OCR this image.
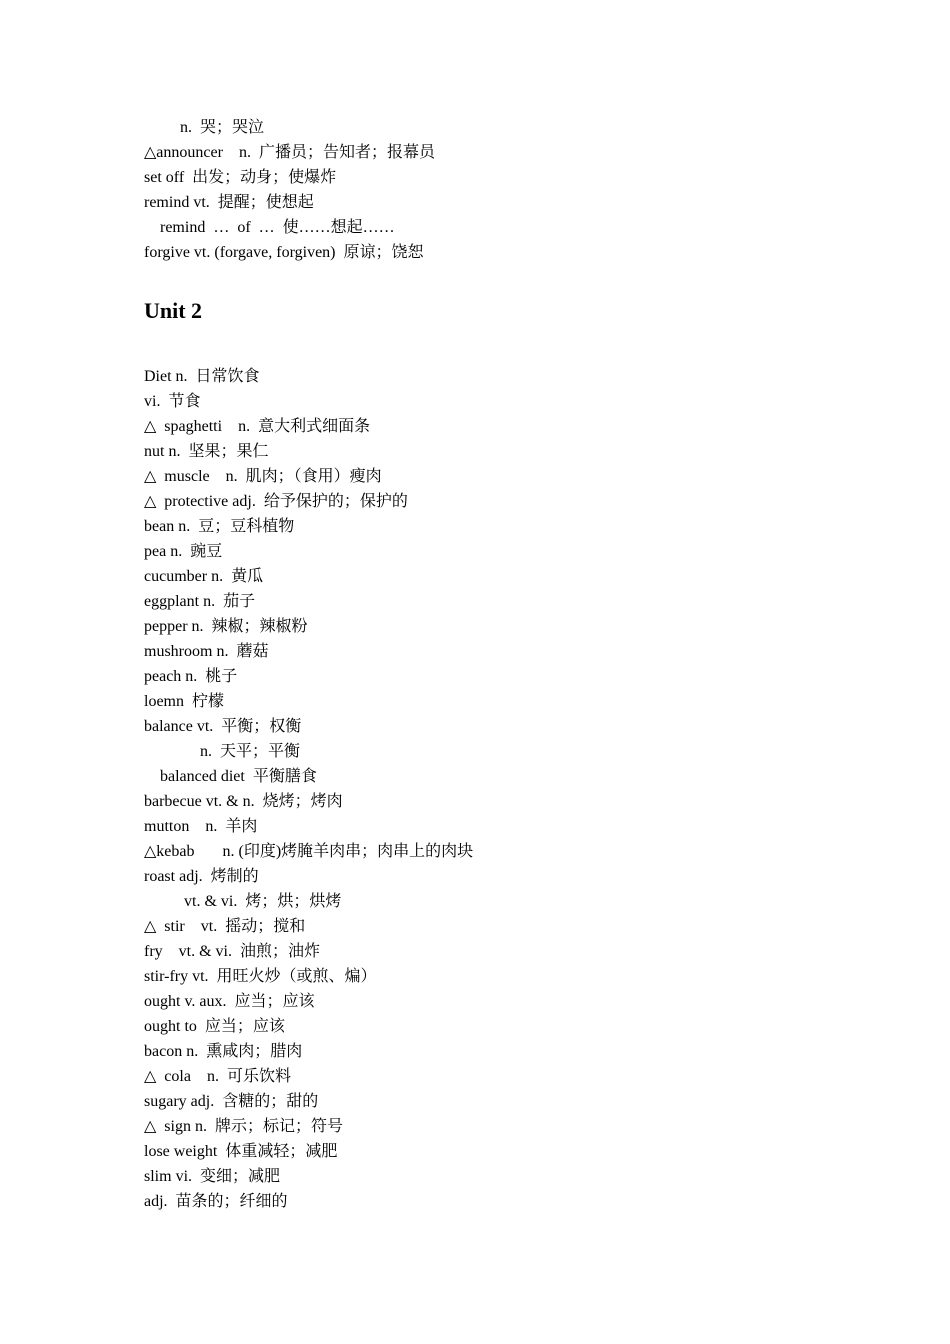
n.  哭；哭泣
△announcer    n.  广播员；告知者；报幕员
set off  出发；动身；使爆炸
remind vt.  提醒；使想起
remind  …  of  …  使……想起……
forgive vt. (forgave, forgiven)  原谅；饶恕
Unit 2
Diet n.  日常饮食
vi.  节食
△  spaghetti    n.  意大利式细面条
nut n.  坚果；果仁
△  muscle    n.  肌肉；（食用）瘦肉
△  protective adj.  给予保护的；保护的
bean n.  豆；豆科植物
pea n.  豌豆
cucumber n.  黄瓜
eggplant n.  茄子
pepper n.  辣椒；辣椒粉
mushroom n.  蘑菇
peach n.  桃子
loemn  柠檬
balance vt.  平衡；权衡
n.  天平；平衡
balanced diet  平衡膳食
barbecue vt. & n.  烧烤；烤肉
mutton    n.  羊肉
△kebab       n. (印度)烤腌羊肉串；肉串上的肉块
roast adj.  烤制的
vt. & vi.  烤；烘；烘烤
△  stir    vt.  摇动；搅和
fry    vt. & vi.  油煎；油炸
stir-fry vt.  用旺火炒（或煎、煸）
ought v. aux.  应当；应该
ought to  应当；应该
bacon n.  熏咸肉；腊肉
△  cola    n.  可乐饮料
sugary adj.  含糖的；甜的
△  sign n.  牌示；标记；符号
lose weight  体重减轻；减肥
slim vi.  变细；减肥
adj.  苗条的；纤细的
